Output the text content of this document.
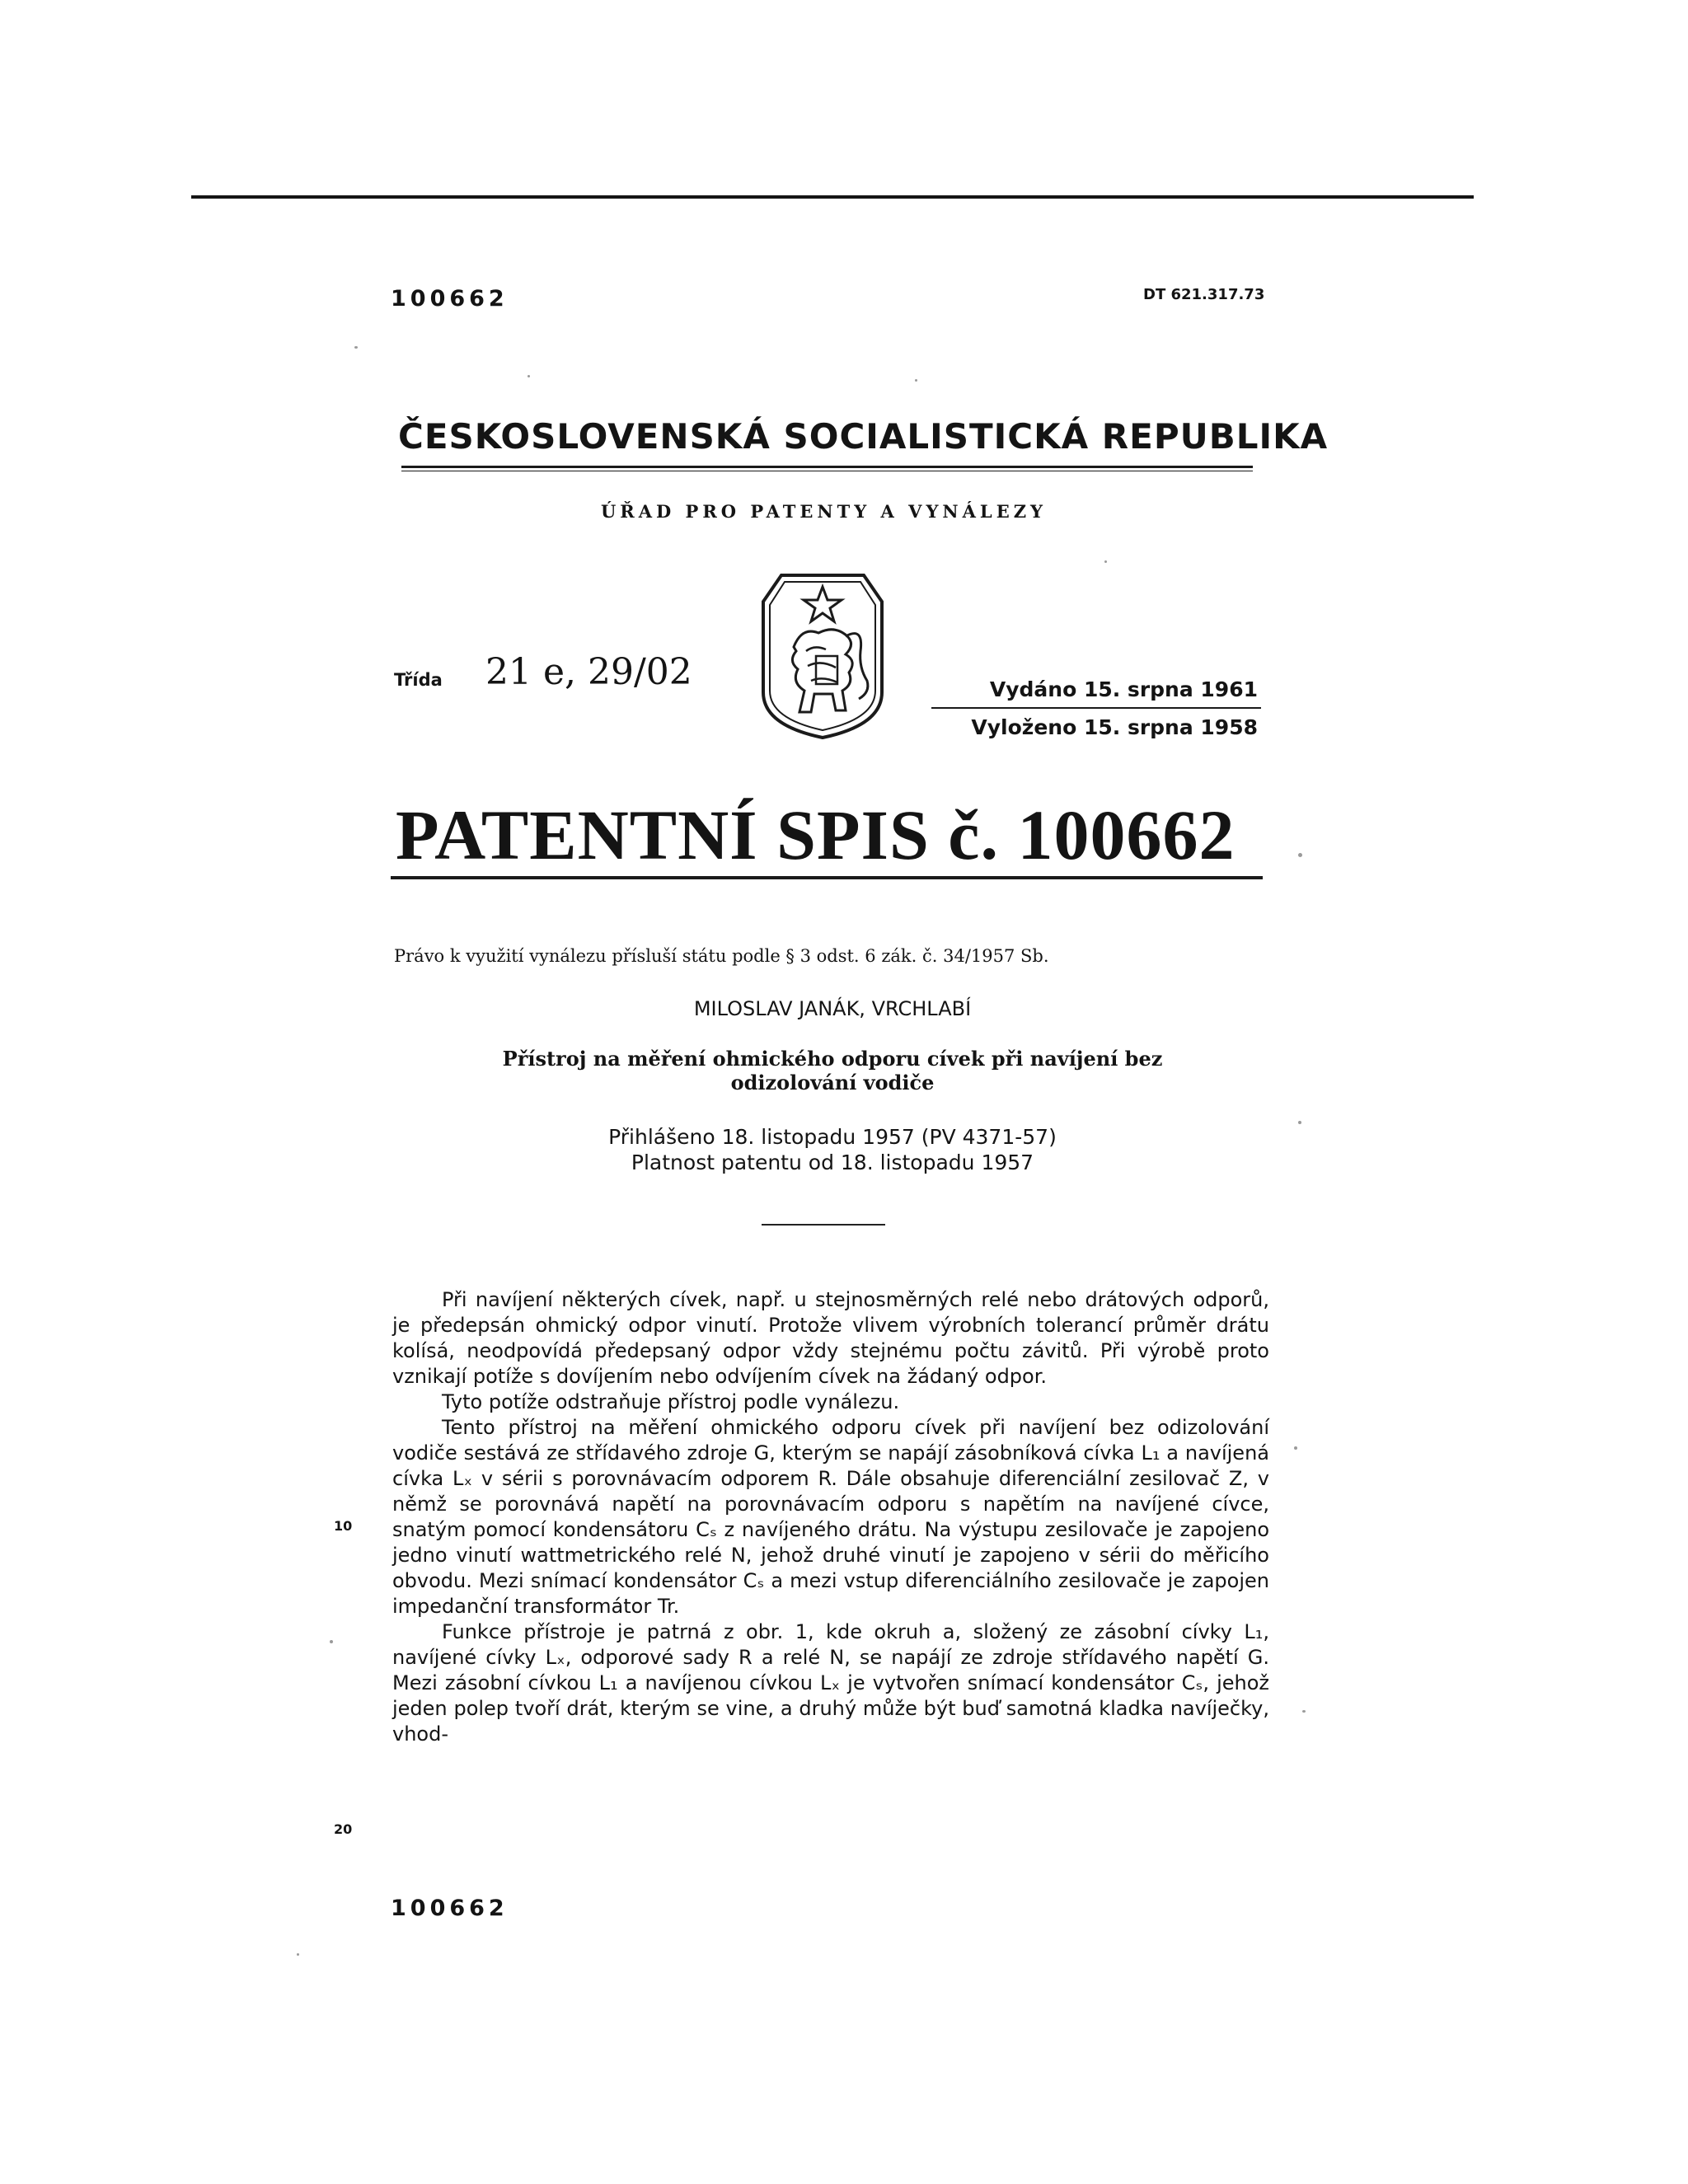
100662	DT 621.317.73
ČESKOSLOVENSKÁ SOCIALISTICKÁ REPUBLIKA
ÚŘAD PRO PATENTY A VYNÁLEZY
Třída 21 e, 29/02	Vydáno 15. srpna 1961
Vyloženo 15. srpna 1958
PATENTNÍ SPIS č. 100662
Právo k využití vynálezu přísluší státu podle § 3 odst. 6 zák. č. 34/1957 Sb.
MILOSLAV JANÁK, VRCHLABÍ
Přístroj na měření ohmického odporu cívek při navíjení bez odizolování vodiče
Přihlášeno 18. listopadu 1957 (PV 4371-57)
Platnost patentu od 18. listopadu 1957

Při navíjení některých cívek, např. u stejnosměrných relé nebo drátových odporů, je předepsán ohmický odpor vinutí. Protože vlivem výrobních tolerancí průměr drátu kolísá, neodpovídá předepsaný odpor vždy stejnému počtu závitů. Při výrobě proto vznikají potíže s dovíjením nebo odvíjením cívek na žádaný odpor.

Tyto potíže odstraňuje přístroj podle vynálezu.

Tento přístroj na měření ohmického odporu cívek při navíjení bez odizolování vodiče sestává ze střídavého zdroje G, kterým se napájí zásobníková cívka L₁ a navíjená cívka Lₓ v sérii s porovnávacím odporem R. Dále obsahuje diferenciální zesilovač Z, v němž se porovnává napětí na porovnávacím odporu s napětím na navíjené cívce, snatým pomocí kondensátoru Cₛ z navíjeného drátu. Na výstupu zesilovače je zapojeno jedno vinutí wattmetrického relé N, jehož druhé vinutí je zapojeno v sérii do měřicího obvodu. Mezi snímací kondensátor Cₛ a mezi vstup diferenciálního zesilovače je zapojen impedanční transformátor Tr.

Funkce přístroje je patrná z obr. 1, kde okruh a, složený ze zásobní cívky L₁, navíjené cívky Lₓ, odporové sady R a relé N, se napájí ze zdroje střídavého napětí G. Mezi zásobní cívkou L₁ a navíjenou cívkou Lₓ je vytvořen snímací kondensátor Cₛ, jehož jeden polep tvoří drát, kterým se vine, a druhý může být buď samotná kladka navíječky, vhod-

10
20
100662
